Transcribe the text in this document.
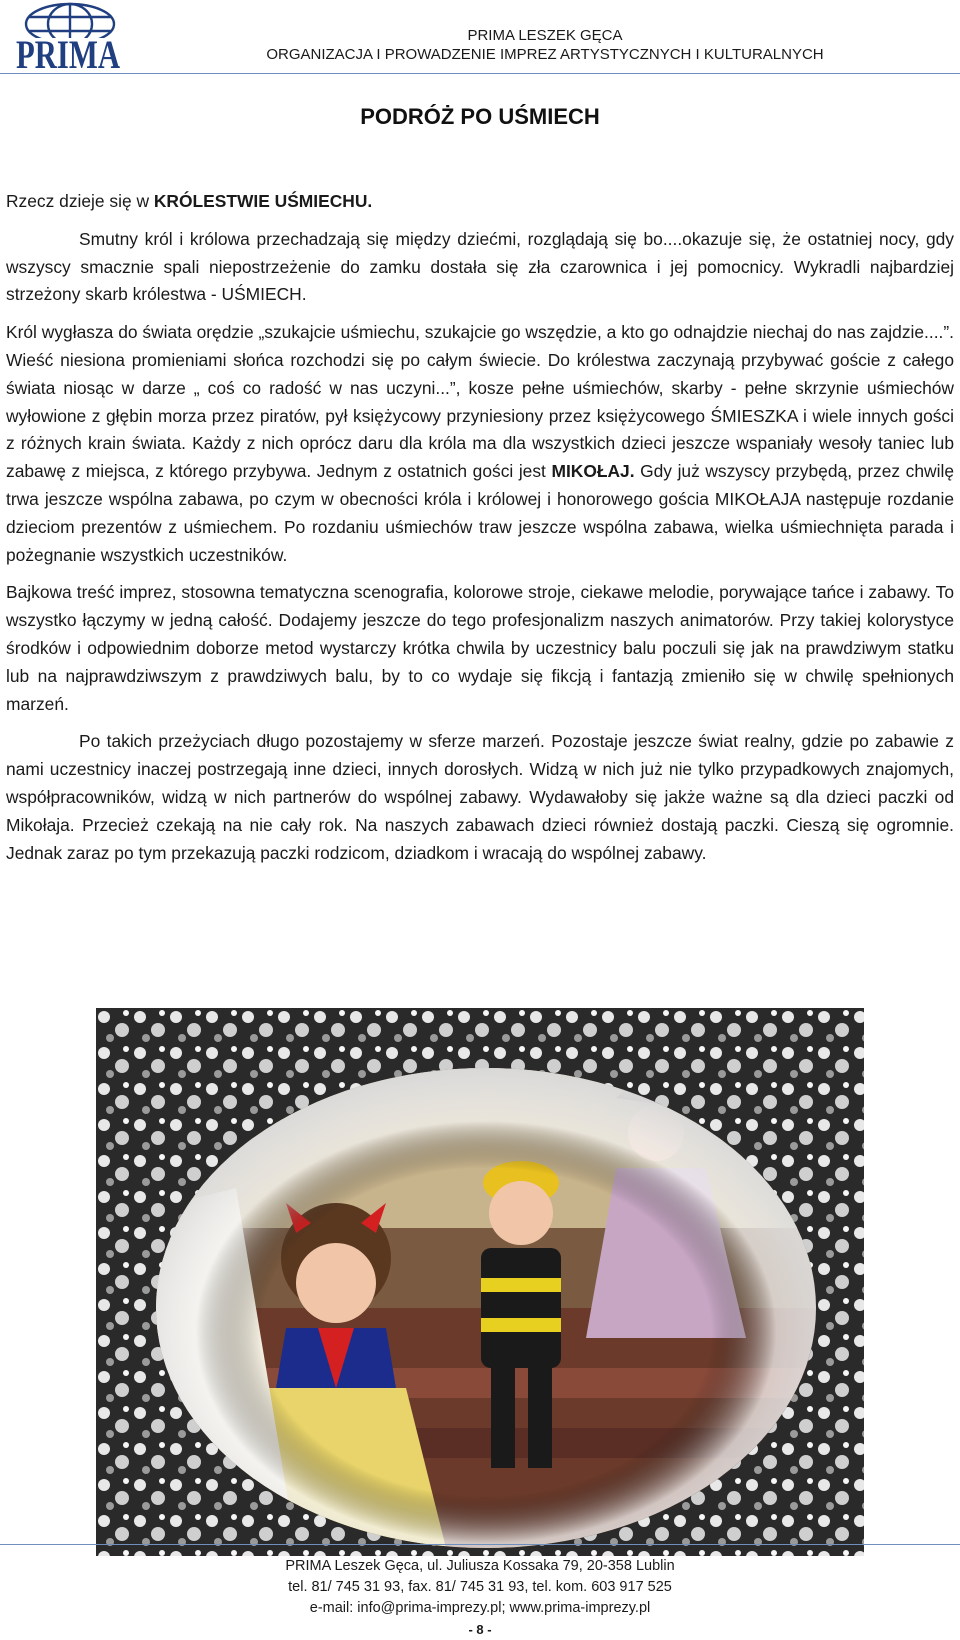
PRIMA	PRIMA LESZEK GĘCA
ORGANIZACJA I PROWADZENIE IMPREZ ARTYSTYCZNYCH I KULTURALNYCH
PODRÓŻ PO UŚMIECH

Rzecz dzieje się w KRÓLESTWIE UŚMIECHU.

Smutny król i królowa przechadzają się między dziećmi, rozglądają się bo....okazuje się, że ostatniej nocy, gdy wszyscy smacznie spali niepostrzeżenie do zamku dostała się zła czarownica i jej pomocnicy. Wykradli najbardziej strzeżony skarb królestwa - UŚMIECH.

Król wygłasza do świata orędzie „szukajcie uśmiechu, szukajcie go wszędzie, a kto go odnajdzie niechaj do nas zajdzie....”. Wieść niesiona promieniami słońca rozchodzi się po całym świecie. Do królestwa zaczynają przybywać goście z całego świata niosąc w darze „ coś co radość w nas uczyni...”, kosze pełne uśmiechów, skarby - pełne skrzynie uśmiechów wyłowione z głębin morza przez piratów, pył księżycowy przyniesiony przez księżycowego ŚMIESZKA i wiele innych gości z różnych krain świata. Każdy z nich oprócz daru dla króla ma dla wszystkich dzieci jeszcze wspaniały wesoły taniec lub zabawę z miejsca, z którego przybywa. Jednym z ostatnich gości jest MIKOŁAJ. Gdy już wszyscy przybędą, przez chwilę trwa jeszcze wspólna zabawa, po czym w obecności króla i królowej i honorowego gościa MIKOŁAJA następuje rozdanie dzieciom prezentów z uśmiechem. Po rozdaniu uśmiechów traw jeszcze wspólna zabawa, wielka uśmiechnięta parada i pożegnanie wszystkich uczestników.

Bajkowa treść imprez, stosowna tematyczna scenografia, kolorowe stroje, ciekawe melodie, porywające tańce i zabawy. To wszystko łączymy w jedną całość. Dodajemy jeszcze do tego profesjonalizm naszych animatorów. Przy takiej kolorystyce środków i odpowiednim doborze metod wystarczy krótka chwila by uczestnicy balu poczuli się jak na prawdziwym statku lub na najprawdziwszym z prawdziwych balu, by to co wydaje się fikcją i fantazją zmieniło się w chwilę spełnionych marzeń.

Po takich przeżyciach długo pozostajemy w sferze marzeń. Pozostaje jeszcze świat realny, gdzie po zabawie z nami uczestnicy inaczej postrzegają inne dzieci, innych dorosłych. Widzą w nich już nie tylko przypadkowych znajomych, współpracowników, widzą w nich partnerów do wspólnej zabawy. Wydawałoby się jakże ważne są dla dzieci paczki od Mikołaja. Przecież czekają na nie cały rok. Na naszych zabawach dzieci również dostają paczki. Cieszą się ogromnie. Jednak zaraz po tym przekazują paczki rodzicom, dziadkom i wracają do wspólnej zabawy.

PRIMA Leszek Gęca, ul. Juliusza Kossaka 79, 20-358 Lublin
tel. 81/ 745 31 93, fax. 81/ 745 31 93, tel. kom. 603 917 525
e-mail: info@prima-imprezy.pl; www.prima-imprezy.pl
- 8 -
